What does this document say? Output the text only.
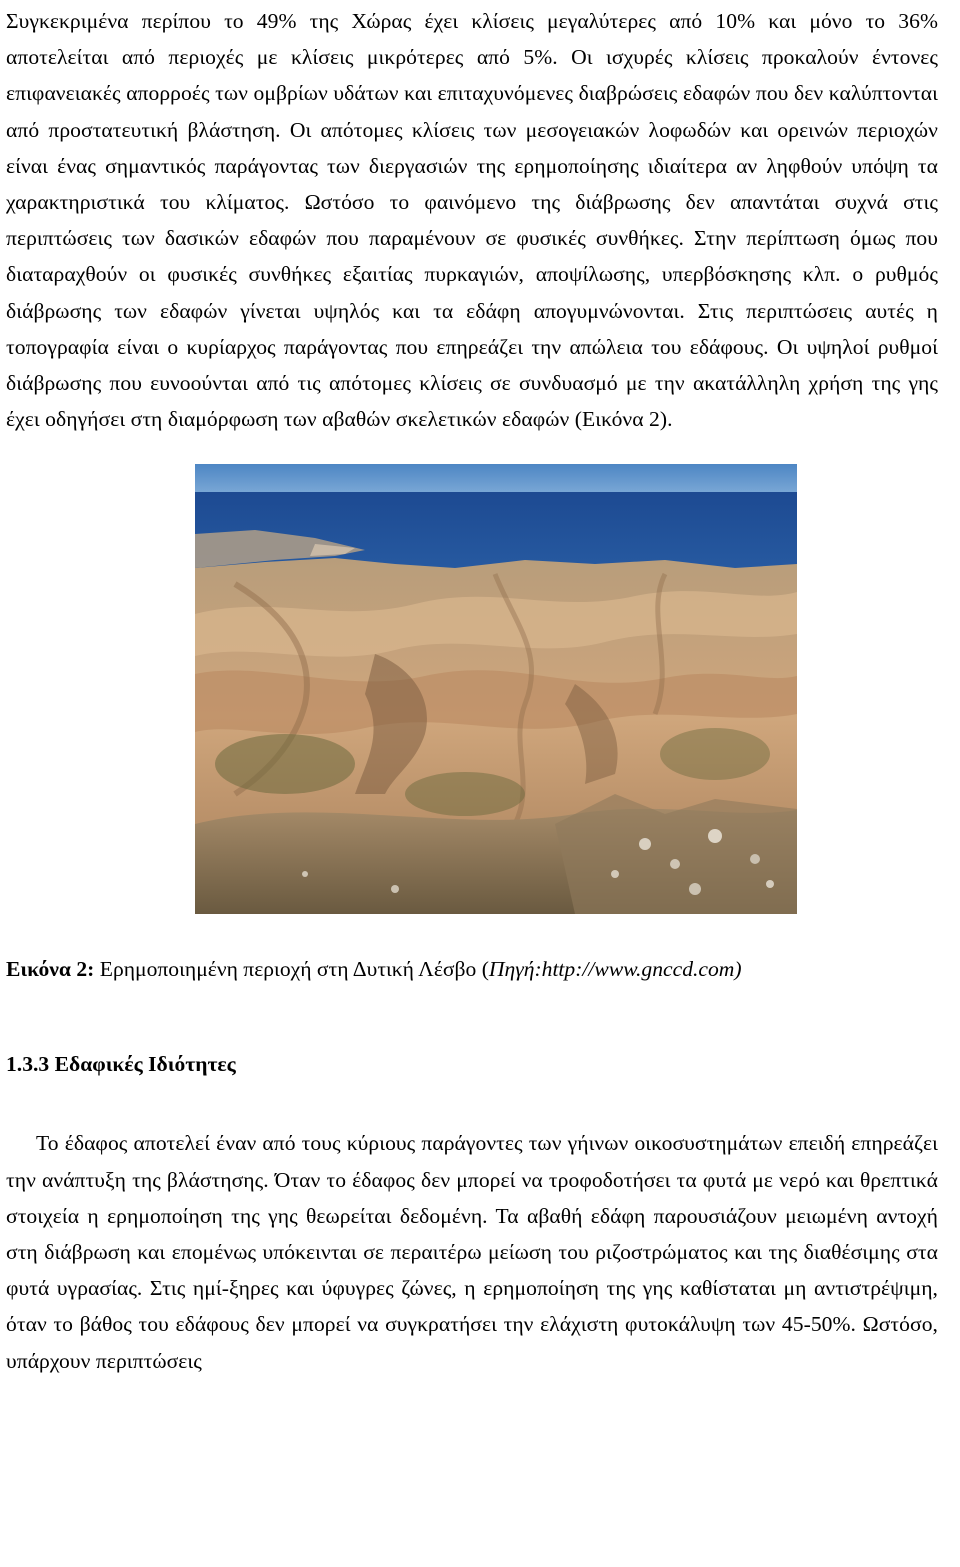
Συγκεκριμένα περίπου το 49% της Χώρας έχει κλίσεις μεγαλύτερες από 10% και μόνο το 36% αποτελείται από περιοχές με κλίσεις μικρότερες από 5%. Οι ισχυρές κλίσεις προκαλούν έντονες επιφανειακές απορροές των ομβρίων υδάτων και επιταχυνόμενες διαβρώσεις εδαφών που δεν καλύπτονται από προστατευτική βλάστηση. Οι απότομες κλίσεις των μεσογειακών λοφωδών και ορεινών περιοχών είναι ένας σημαντικός παράγοντας των διεργασιών της ερημοποίησης ιδιαίτερα αν ληφθούν υπόψη τα χαρακτηριστικά του κλίματος. Ωστόσο το φαινόμενο της διάβρωσης δεν απαντάται συχνά στις περιπτώσεις των δασικών εδαφών που παραμένουν σε φυσικές συνθήκες. Στην περίπτωση όμως που διαταραχθούν οι φυσικές συνθήκες εξαιτίας πυρκαγιών, αποψίλωσης, υπερβόσκησης κλπ. ο ρυθμός διάβρωσης των εδαφών γίνεται υψηλός και τα εδάφη απογυμνώνονται. Στις περιπτώσεις αυτές η τοπογραφία είναι ο κυρίαρχος παράγοντας που επηρεάζει την απώλεια του εδάφους. Οι υψηλοί ρυθμοί διάβρωσης που ευνοούνται από τις απότομες κλίσεις σε συνδυασμό με την ακατάλληλη χρήση της γης έχει οδηγήσει στη διαμόρφωση των αβαθών σκελετικών εδαφών (Εικόνα 2).

Εικόνα 2: Ερημοποιημένη περιοχή στη Δυτική Λέσβο (Πηγή:http://www.gnccd.com)
1.3.3 Εδαφικές Ιδιότητες

Το έδαφος αποτελεί έναν από τους κύριους παράγοντες των γήινων οικοσυστημάτων επειδή επηρεάζει την ανάπτυξη της βλάστησης. Όταν το έδαφος δεν μπορεί να τροφοδοτήσει τα φυτά με νερό και θρεπτικά στοιχεία η ερημοποίηση της γης θεωρείται δεδομένη. Τα αβαθή εδάφη παρουσιάζουν μειωμένη αντοχή στη διάβρωση και επομένως υπόκεινται σε περαιτέρω μείωση του ριζοστρώματος και της διαθέσιμης στα φυτά υγρασίας. Στις ημί-ξηρες και ύφυγρες ζώνες, η ερημοποίηση της γης καθίσταται μη αντιστρέψιμη, όταν το βάθος του εδάφους δεν μπορεί να συγκρατήσει την ελάχιστη φυτοκάλυψη των 45-50%. Ωστόσο, υπάρχουν περιπτώσεις
